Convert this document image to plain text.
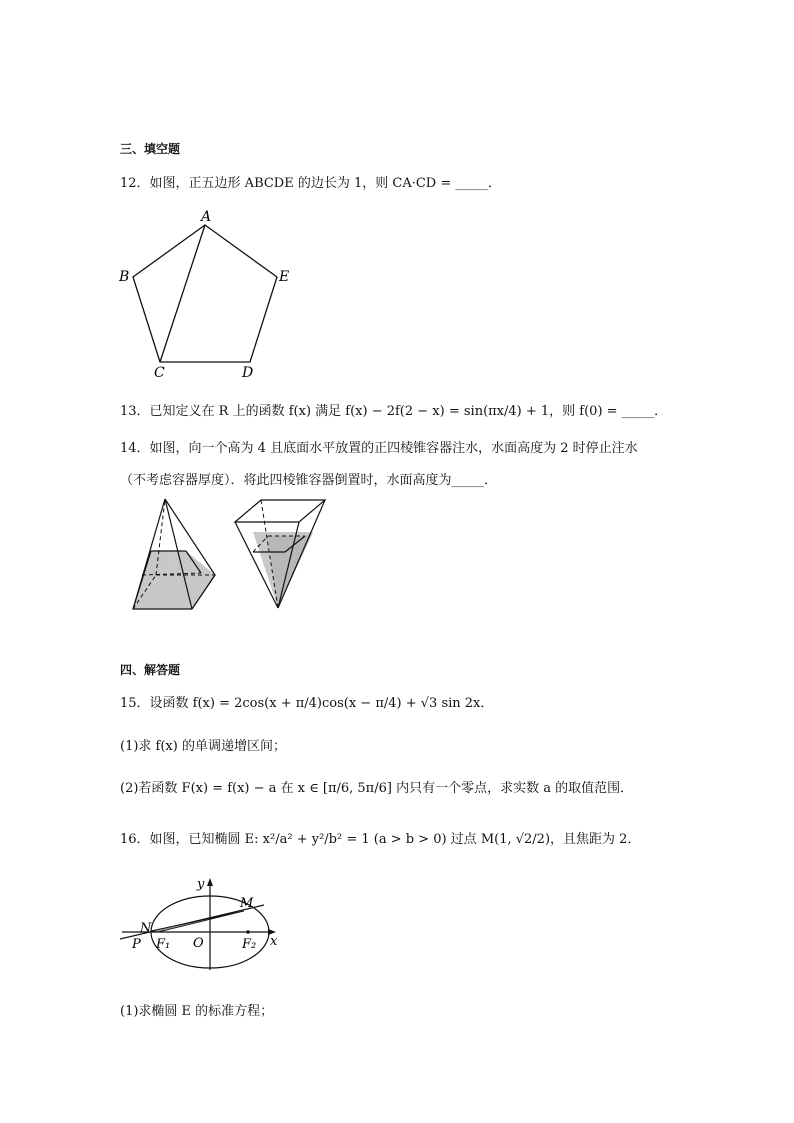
三、填空题
12．如图，正五边形 ABCDE 的边长为 1，则 CA·CD = _____．
A
B
C	D
E
13．已知定义在 R 上的函数 f(x) 满足 f(x) − 2f(2 − x) = sin(πx/4) + 1，则 f(0) = _____．
14．如图，向一个高为 4 且底面水平放置的正四棱锥容器注水，水面高度为 2 时停止注水
（不考虑容器厚度）．将此四棱锥容器倒置时，水面高度为_____．
四、解答题
15．设函数 f(x) = 2cos(x + π/4)cos(x − π/4) + √3 sin 2x．
(1)求 f(x) 的单调递增区间；
(2)若函数 F(x) = f(x) − a 在 x ∈ [π/6, 5π/6] 内只有一个零点，求实数 a 的取值范围．
16．如图，已知椭圆 E: x²/a² + y²/b² = 1 (a > b > 0) 过点 M(1, √2/2)，且焦距为 2．
y
x
M
N
P	O
F₁	F₂
(1)求椭圆 E 的标准方程；
